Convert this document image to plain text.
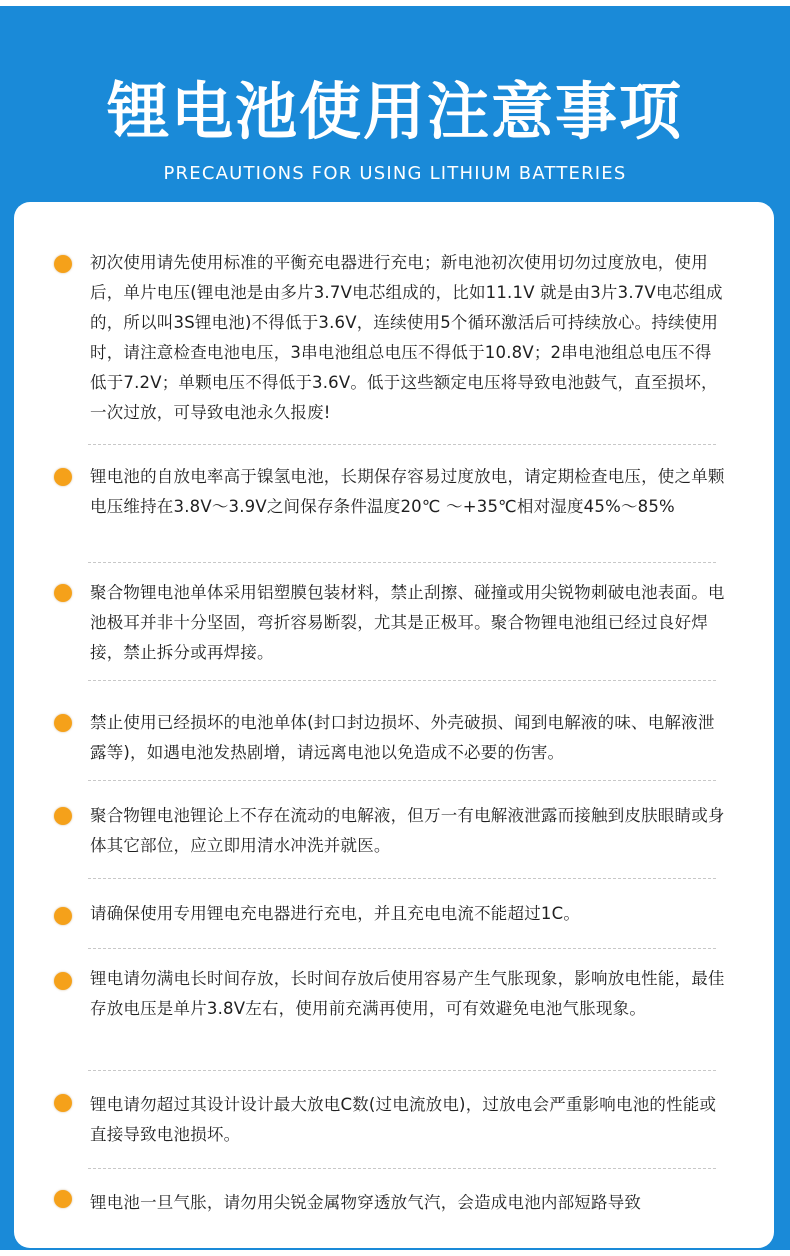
锂电池使用注意事项
PRECAUTIONS FOR USING LITHIUM BATTERIES
初次使用请先使用标准的平衡充电器进行充电；新电池初次使用切勿过度放电，使用后，单片电压(锂电池是由多片3.7V电芯组成的，比如11.1V 就是由3片3.7V电芯组成的，所以叫3S锂电池)不得低于3.6V，连续使用5个循环激活后可持续放心。持续使用时，请注意检查电池电压，3串电池组总电压不得低于10.8V；2串电池组总电压不得低于7.2V；单颗电压不得低于3.6V。低于这些额定电压将导致电池鼓气，直至损坏，一次过放，可导致电池永久报废!
锂电池的自放电率高于镍氢电池，长期保存容易过度放电，请定期检查电压，使之单颗电压维持在3.8V～3.9V之间保存条件温度20℃ ～+35℃相对湿度45%～85%
聚合物锂电池单体采用铝塑膜包装材料，禁止刮擦、碰撞或用尖锐物刺破电池表面。电池极耳并非十分坚固，弯折容易断裂，尤其是正极耳。聚合物锂电池组已经过良好焊接，禁止拆分或再焊接。
禁止使用已经损坏的电池单体(封口封边损坏、外壳破损、闻到电解液的味、电解液泄露等)，如遇电池发热剧增，请远离电池以免造成不必要的伤害。
聚合物锂电池锂论上不存在流动的电解液，但万一有电解液泄露而接触到皮肤眼睛或身体其它部位，应立即用清水冲洗并就医。
请确保使用专用锂电充电器进行充电，并且充电电流不能超过1C。
锂电请勿满电长时间存放，长时间存放后使用容易产生气胀现象，影响放电性能，最佳存放电压是单片3.8V左右，使用前充满再使用，可有效避免电池气胀现象。
锂电请勿超过其设计设计最大放电C数(过电流放电)，过放电会严重影响电池的性能或直接导致电池损坏。
锂电池一旦气胀，请勿用尖锐金属物穿透放气汽，会造成电池内部短路导致
